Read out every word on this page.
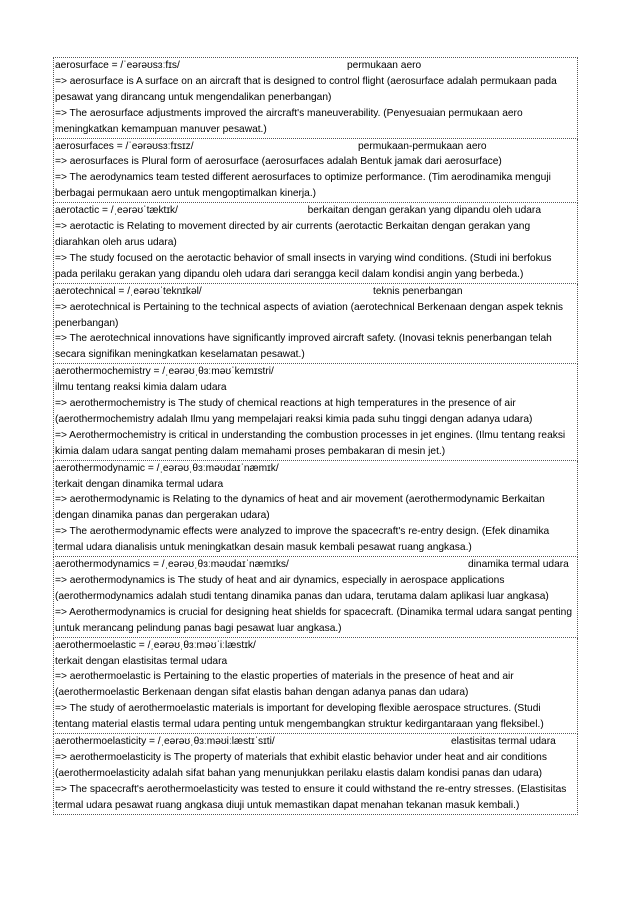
aerosurface = /ˈeərəʊsɜːfɪs/	permukaan aero
=> aerosurface is A surface on an aircraft that is designed to control flight (aerosurface adalah permukaan pada pesawat yang dirancang untuk mengendalikan penerbangan)
=> The aerosurface adjustments improved the aircraft's maneuverability. (Penyesuaian permukaan aero meningkatkan kemampuan manuver pesawat.)
aerosurfaces = /ˈeərəʊsɜːfɪsɪz/	permukaan-permukaan aero
=> aerosurfaces is Plural form of aerosurface (aerosurfaces adalah Bentuk jamak dari aerosurface)
=> The aerodynamics team tested different aerosurfaces to optimize performance. (Tim aerodinamika menguji berbagai permukaan aero untuk mengoptimalkan kinerja.)
aerotactic = /ˌeərəʊˈtæktɪk/	berkaitan dengan gerakan yang dipandu oleh udara
=> aerotactic is Relating to movement directed by air currents (aerotactic Berkaitan dengan gerakan yang diarahkan oleh arus udara)
=> The study focused on the aerotactic behavior of small insects in varying wind conditions. (Studi ini berfokus pada perilaku gerakan yang dipandu oleh udara dari serangga kecil dalam kondisi angin yang berbeda.)
aerotechnical = /ˌeərəʊˈteknɪkəl/	teknis penerbangan
=> aerotechnical is Pertaining to the technical aspects of aviation (aerotechnical Berkenaan dengan aspek teknis penerbangan)
=> The aerotechnical innovations have significantly improved aircraft safety. (Inovasi teknis penerbangan telah secara signifikan meningkatkan keselamatan pesawat.)
aerothermochemistry = /ˌeərəʊˌθɜːməʊˈkemɪstri/  ilmu tentang reaksi kimia dalam udara
=> aerothermochemistry is The study of chemical reactions at high temperatures in the presence of air (aerothermochemistry adalah Ilmu yang mempelajari reaksi kimia pada suhu tinggi dengan adanya udara)
=> Aerothermochemistry is critical in understanding the combustion processes in jet engines. (Ilmu tentang reaksi kimia dalam udara sangat penting dalam memahami proses pembakaran di mesin jet.)
aerothermodynamic = /ˌeərəʊˌθɜːməʊdaɪˈnæmɪk/  terkait dengan dinamika termal udara
=> aerothermodynamic is Relating to the dynamics of heat and air movement (aerothermodynamic Berkaitan dengan dinamika panas dan pergerakan udara)
=> The aerothermodynamic effects were analyzed to improve the spacecraft's re-entry design. (Efek dinamika termal udara dianalisis untuk meningkatkan desain masuk kembali pesawat ruang angkasa.)
aerothermodynamics = /ˌeərəʊˌθɜːməʊdaɪˈnæmɪks/	dinamika termal udara
=> aerothermodynamics is The study of heat and air dynamics, especially in aerospace applications (aerothermodynamics adalah studi tentang dinamika panas dan udara, terutama dalam aplikasi luar angkasa)
=> Aerothermodynamics is crucial for designing heat shields for spacecraft. (Dinamika termal udara sangat penting untuk merancang pelindung panas bagi pesawat luar angkasa.)
aerothermoelastic = /ˌeərəʊˌθɜːməʊˈiːlæstɪk/  terkait dengan elastisitas termal udara
=> aerothermoelastic is Pertaining to the elastic properties of materials in the presence of heat and air (aerothermoelastic Berkenaan dengan sifat elastis bahan dengan adanya panas dan udara)
=> The study of aerothermoelastic materials is important for developing flexible aerospace structures. (Studi tentang material elastis termal udara penting untuk mengembangkan struktur kedirgantaraan yang fleksibel.)
aerothermoelasticity = /ˌeərəʊˌθɜːməʊiːlæstɪˈsɪti/	elastisitas termal udara
=> aerothermoelasticity is The property of materials that exhibit elastic behavior under heat and air conditions (aerothermoelasticity adalah sifat bahan yang menunjukkan perilaku elastis dalam kondisi panas dan udara)
=> The spacecraft's aerothermoelasticity was tested to ensure it could withstand the re-entry stresses. (Elastisitas termal udara pesawat ruang angkasa diuji untuk memastikan dapat menahan tekanan masuk kembali.)
